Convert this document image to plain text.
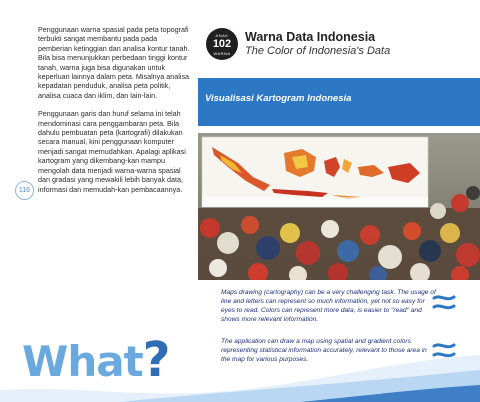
Penggunaan warna spasial pada peta topografi terbukti sangat membantu pada pada pemberian ketinggian dan analisa kontur tanah. Bila bisa menunjukkan perbedaan tinggi kontur tanah, warna juga bisa digunakan untuk keperluan lainnya dalam peta. Misalnya analisa kepadatan penduduk, analisa peta politik, analisa cuaca dan iklim, dan lain-lain.

Penggunaan garis dan huruf selama ini telah mendominasi cara penggambaran peta. Bila dahulu pembuatan peta (kartografi) dilakukan secara manual, kini penggunaan komputer menjadi sangat memudahkan. Apalagi aplikasi kartogram yang dikembang-kan mampu mengolah data menjadi warna-warna spasial dan gradasi yang mewakili lebih banyak data, informasi dan memudah-kan pembacaannya.

116
What?
ANAK
102
WARNA
Warna Data Indonesia
The Color of Indonesia's Data
Visualisasi Kartogram Indonesia
Maps drawing (cartography) can be a very challenging task. The usage of line and letters can represent so much information, yet not so easy for eyes to read. Colors can represent more data, is easier to "read" and shows more relevant information.
The application can draw a map using spatial and gradient colors representing statistical information accurately, relevant to those area in the map for various purposes.
